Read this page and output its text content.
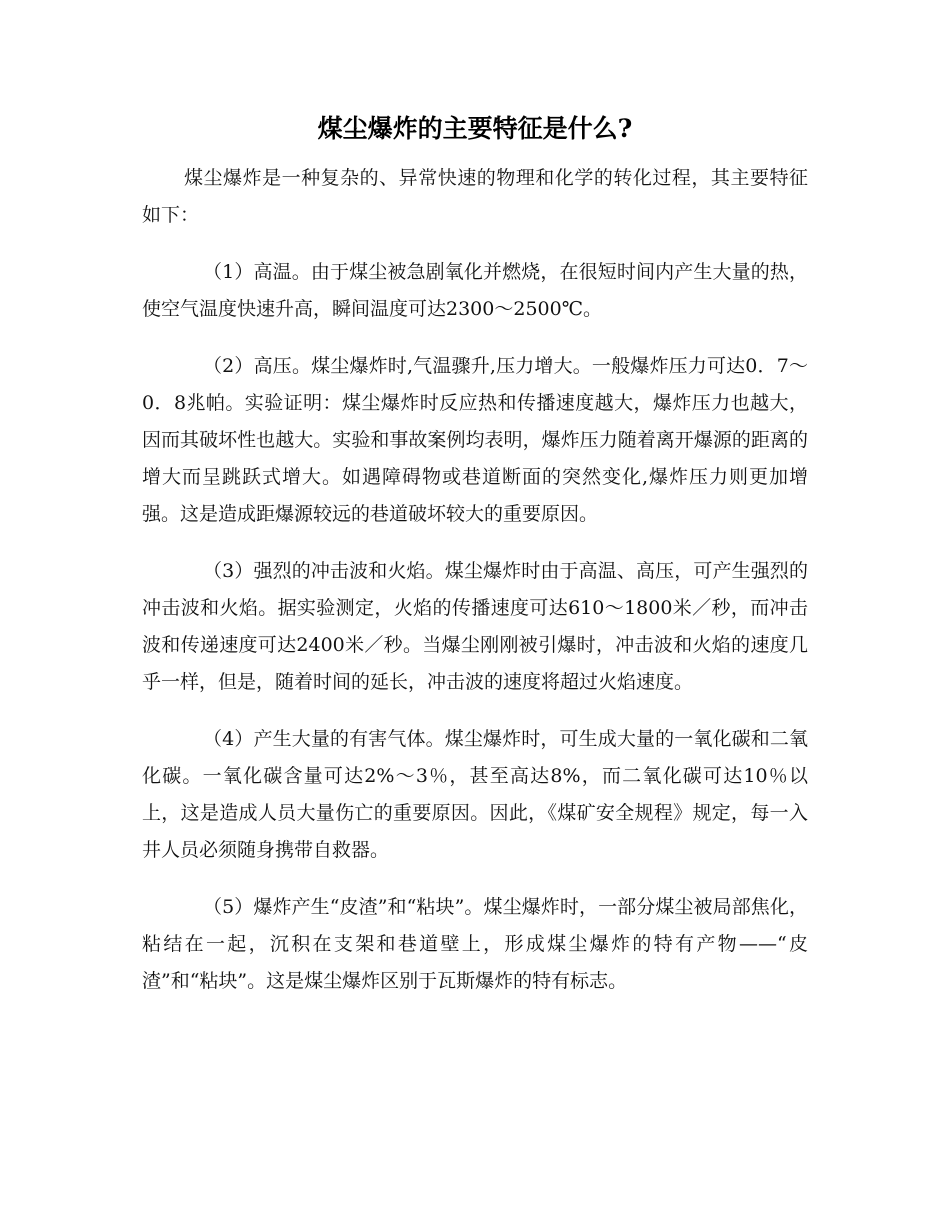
煤尘爆炸的主要特征是什么?

煤尘爆炸是一种复杂的、异常快速的物理和化学的转化过程，其主要特征如下：

（1）高温。由于煤尘被急剧氧化并燃烧，在很短时间内产生大量的热，使空气温度快速升高，瞬间温度可达2300～2500℃。

（2）高压。煤尘爆炸时,气温骤升,压力增大。一般爆炸压力可达0．7～0．8兆帕。实验证明：煤尘爆炸时反应热和传播速度越大，爆炸压力也越大，因而其破坏性也越大。实验和事故案例均表明，爆炸压力随着离开爆源的距离的增大而呈跳跃式增大。如遇障碍物或巷道断面的突然变化,爆炸压力则更加增强。这是造成距爆源较远的巷道破坏较大的重要原因。

（3）强烈的冲击波和火焰。煤尘爆炸时由于高温、高压，可产生强烈的冲击波和火焰。据实验测定，火焰的传播速度可达610～1800米／秒，而冲击波和传递速度可达2400米／秒。当爆尘刚刚被引爆时，冲击波和火焰的速度几乎一样，但是，随着时间的延长，冲击波的速度将超过火焰速度。

（4）产生大量的有害气体。煤尘爆炸时，可生成大量的一氧化碳和二氧化碳。一氧化碳含量可达2%～3％，甚至高达8%，而二氧化碳可达10％以上，这是造成人员大量伤亡的重要原因。因此，《煤矿安全规程》规定，每一入井人员必须随身携带自救器。

（5）爆炸产生“皮渣”和“粘块”。煤尘爆炸时，一部分煤尘被局部焦化，粘结在一起，沉积在支架和巷道壁上，形成煤尘爆炸的特有产物——“皮渣”和“粘块”。这是煤尘爆炸区别于瓦斯爆炸的特有标志。
